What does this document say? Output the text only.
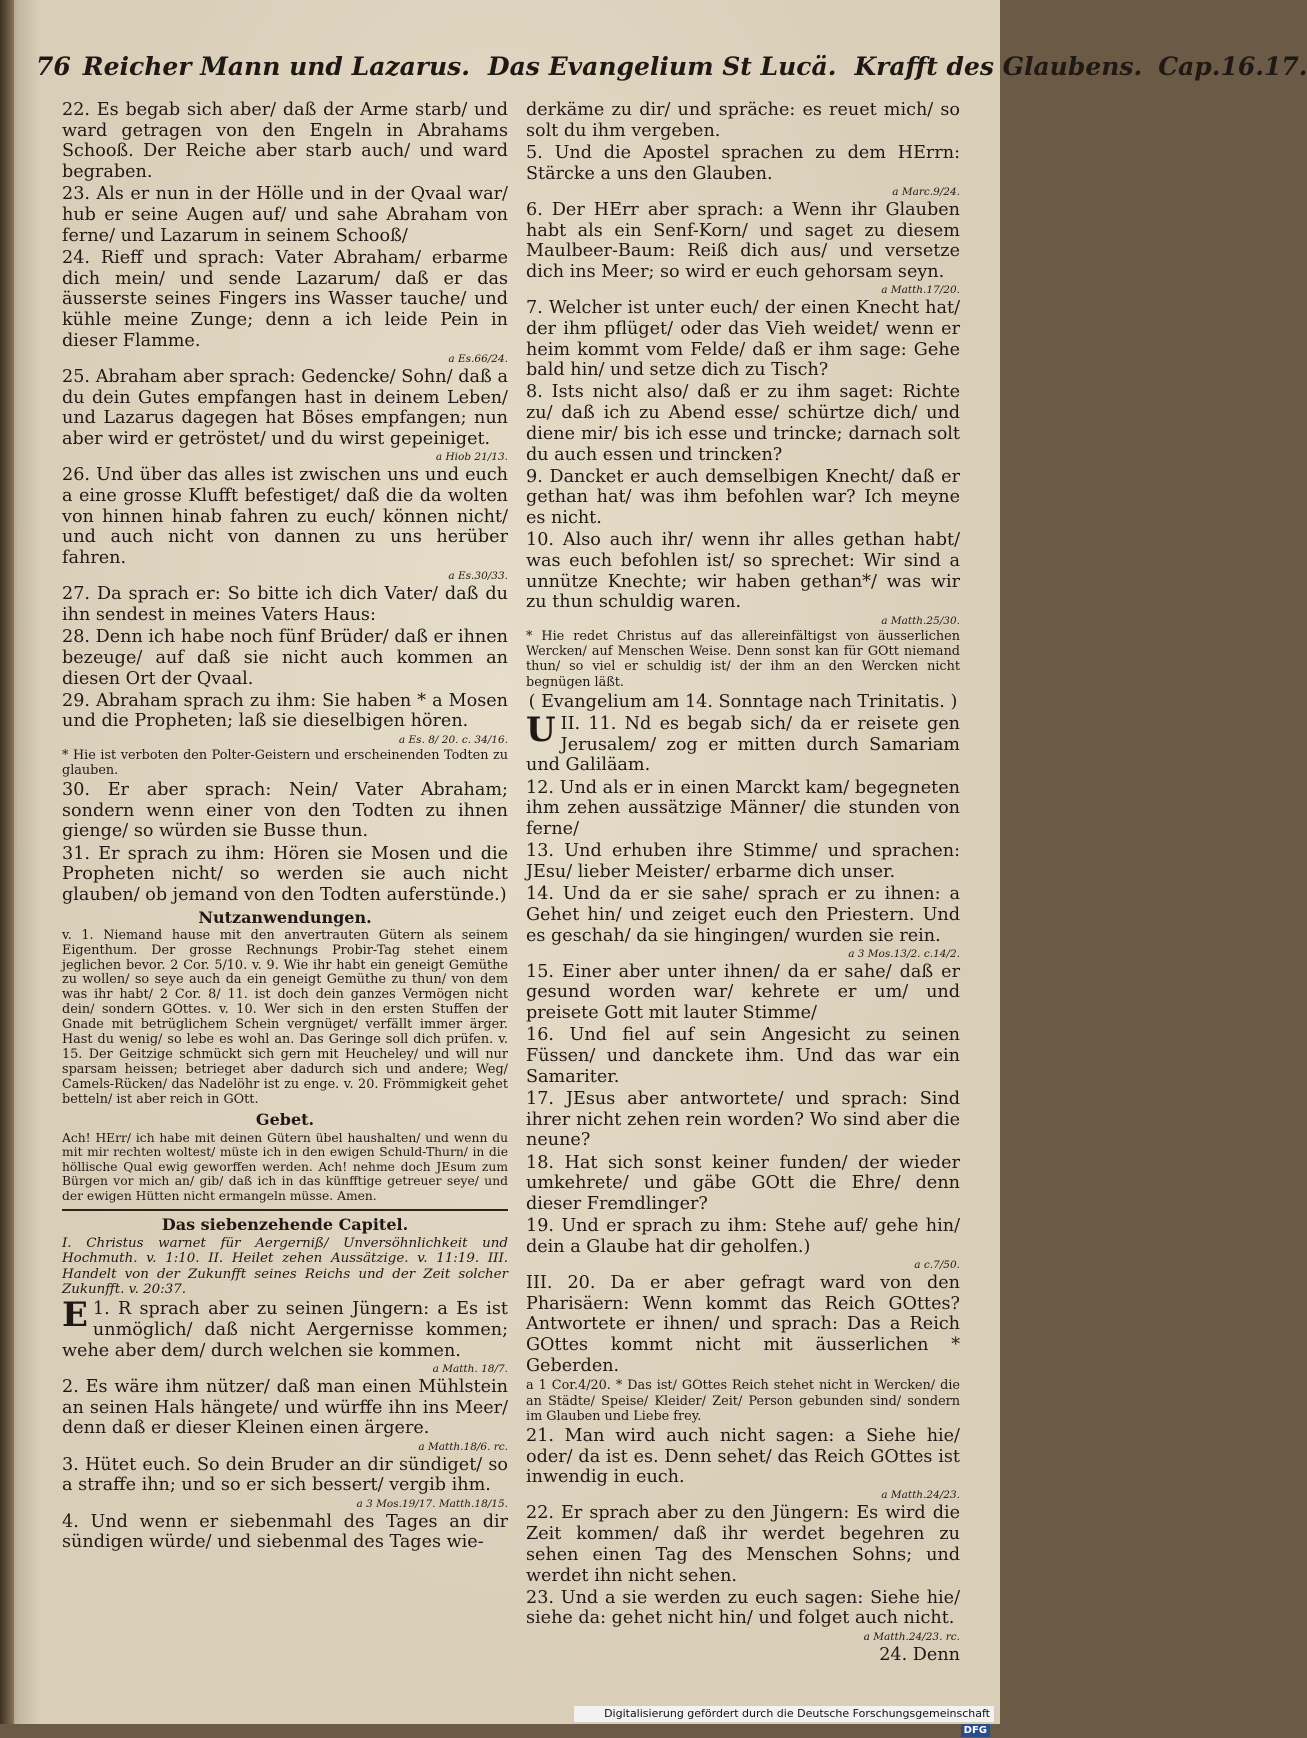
76 Reicher Mann und Lazarus. Das Evangelium St Lucä. Krafft des Glaubens. Cap.16.17.

22. Es begab sich aber/ daß der Arme starb/ und ward getragen von den Engeln in Abrahams Schooß. Der Reiche aber starb auch/ und ward begraben.

23. Als er nun in der Hölle und in der Qvaal war/ hub er seine Augen auf/ und sahe Abraham von ferne/ und Lazarum in seinem Schooß/

24. Rieff und sprach: Vater Abraham/ erbarme dich mein/ und sende Lazarum/ daß er das äusserste seines Fingers ins Wasser tauche/ und kühle meine Zunge; denn a ich leide Pein in dieser Flamme.

a Es.66/24.

25. Abraham aber sprach: Gedencke/ Sohn/ daß a du dein Gutes empfangen hast in deinem Leben/ und Lazarus dagegen hat Böses empfangen; nun aber wird er getröstet/ und du wirst gepeiniget.

a Hiob 21/13.

26. Und über das alles ist zwischen uns und euch a eine grosse Klufft befestiget/ daß die da wolten von hinnen hinab fahren zu euch/ können nicht/ und auch nicht von dannen zu uns herüber fahren.

a Es.30/33.

27. Da sprach er: So bitte ich dich Vater/ daß du ihn sendest in meines Vaters Haus:

28. Denn ich habe noch fünf Brüder/ daß er ihnen bezeuge/ auf daß sie nicht auch kommen an diesen Ort der Qvaal.

29. Abraham sprach zu ihm: Sie haben * a Mosen und die Propheten; laß sie dieselbigen hören.

a Es. 8/ 20. c. 34/16.

* Hie ist verboten den Polter-Geistern und erscheinenden Todten zu glauben.

30. Er aber sprach: Nein/ Vater Abraham; sondern wenn einer von den Todten zu ihnen gienge/ so würden sie Busse thun.

31. Er sprach zu ihm: Hören sie Mosen und die Propheten nicht/ so werden sie auch nicht glauben/ ob jemand von den Todten auferstünde.)

Nutzanwendungen.

v. 1. Niemand hause mit den anvertrauten Gütern als seinem Eigenthum. Der grosse Rechnungs Probir-Tag stehet einem jeglichen bevor. 2 Cor. 5/10. v. 9. Wie ihr habt ein geneigt Gemüthe zu wollen/ so seye auch da ein geneigt Gemüthe zu thun/ von dem was ihr habt/ 2 Cor. 8/ 11. ist doch dein ganzes Vermögen nicht dein/ sondern GOttes. v. 10. Wer sich in den ersten Stuffen der Gnade mit betrüglichem Schein vergnüget/ verfällt immer ärger. Hast du wenig/ so lebe es wohl an. Das Geringe soll dich prüfen. v. 15. Der Geitzige schmückt sich gern mit Heucheley/ und will nur sparsam heissen; betrieget aber dadurch sich und andere; Weg/ Camels-Rücken/ das Nadelöhr ist zu enge. v. 20. Frömmigkeit gehet betteln/ ist aber reich in GOtt.

Gebet.

Ach! HErr/ ich habe mit deinen Gütern übel haushalten/ und wenn du mit mir rechten woltest/ müste ich in den ewigen Schuld-Thurn/ in die höllische Qual ewig geworffen werden. Ach! nehme doch JEsum zum Bürgen vor mich an/ gib/ daß ich in das künfftige getreuer seye/ und der ewigen Hütten nicht ermangeln müsse. Amen.

Das siebenzehende Capitel.

I. Christus warnet für Aergerniß/ Unversöhnlichkeit und Hochmuth. v. 1:10. II. Heilet zehen Aussätzige. v. 11:19. III. Handelt von der Zukunfft seines Reichs und der Zeit solcher Zukunfft. v. 20:37.

1.
E R sprach aber zu seinen Jüngern: a Es ist unmöglich/ daß nicht Aergernisse kommen; wehe aber dem/ durch welchen sie kommen.

a Matth. 18/7.

2. Es wäre ihm nützer/ daß man einen Mühlstein an seinen Hals hängete/ und würffe ihn ins Meer/ denn daß er dieser Kleinen einen ärgere.

a Matth.18/6. rc.

3. Hütet euch. So dein Bruder an dir sündiget/ so a straffe ihn; und so er sich bessert/ vergib ihm.

a 3 Mos.19/17. Matth.18/15.

4. Und wenn er siebenmahl des Tages an dir sündigen würde/ und siebenmal des Tages wie-

derkäme zu dir/ und spräche: es reuet mich/ so solt du ihm vergeben.

5. Und die Apostel sprachen zu dem HErrn: Stärcke a uns den Glauben.

a Marc.9/24.

6. Der HErr aber sprach: a Wenn ihr Glauben habt als ein Senf-Korn/ und saget zu diesem Maulbeer-Baum: Reiß dich aus/ und versetze dich ins Meer; so wird er euch gehorsam seyn.

a Matth.17/20.

7. Welcher ist unter euch/ der einen Knecht hat/ der ihm pflüget/ oder das Vieh weidet/ wenn er heim kommt vom Felde/ daß er ihm sage: Gehe bald hin/ und setze dich zu Tisch?

8. Ists nicht also/ daß er zu ihm saget: Richte zu/ daß ich zu Abend esse/ schürtze dich/ und diene mir/ bis ich esse und trincke; darnach solt du auch essen und trincken?

9. Dancket er auch demselbigen Knecht/ daß er gethan hat/ was ihm befohlen war? Ich meyne es nicht.

10. Also auch ihr/ wenn ihr alles gethan habt/ was euch befohlen ist/ so sprechet: Wir sind a unnütze Knechte; wir haben gethan*/ was wir zu thun schuldig waren.

a Matth.25/30.

* Hie redet Christus auf das allereinfältigst von äusserlichen Wercken/ auf Menschen Weise. Denn sonst kan für GOtt niemand thun/ so viel er schuldig ist/ der ihm an den Wercken nicht begnügen läßt.

( Evangelium am 14. Sonntage nach Trinitatis. )

II. 11.
U	Nd es begab sich/ da er reisete gen Jerusalem/ zog er mitten durch Samariam und Galiläam.

12. Und als er in einen Marckt kam/ begegneten ihm zehen aussätzige Männer/ die stunden von ferne/

13. Und erhuben ihre Stimme/ und sprachen: JEsu/ lieber Meister/ erbarme dich unser.

14. Und da er sie sahe/ sprach er zu ihnen: a Gehet hin/ und zeiget euch den Priestern. Und es geschah/ da sie hingingen/ wurden sie rein.

a 3 Mos.13/2. c.14/2.

15. Einer aber unter ihnen/ da er sahe/ daß er gesund worden war/ kehrete er um/ und preisete Gott mit lauter Stimme/

16. Und fiel auf sein Angesicht zu seinen Füssen/ und danckete ihm. Und das war ein Samariter.

17. JEsus aber antwortete/ und sprach: Sind ihrer nicht zehen rein worden? Wo sind aber die neune?

18. Hat sich sonst keiner funden/ der wieder umkehrete/ und gäbe GOtt die Ehre/ denn dieser Fremdlinger?

19. Und er sprach zu ihm: Stehe auf/ gehe hin/ dein a Glaube hat dir geholfen.)

a c.7/50.

III. 20. Da er aber gefragt ward von den Pharisäern: Wenn kommt das Reich GOttes? Antwortete er ihnen/ und sprach: Das a Reich GOttes kommt nicht mit äusserlichen * Geberden.

a 1 Cor.4/20. * Das ist/ GOttes Reich stehet nicht in Wercken/ die an Städte/ Speise/ Kleider/ Zeit/ Person gebunden sind/ sondern im Glauben und Liebe frey.

21. Man wird auch nicht sagen: a Siehe hie/ oder/ da ist es. Denn sehet/ das Reich GOttes ist inwendig in euch.

a Matth.24/23.

22. Er sprach aber zu den Jüngern: Es wird die Zeit kommen/ daß ihr werdet begehren zu sehen einen Tag des Menschen Sohns; und werdet ihn nicht sehen.

23. Und a sie werden zu euch sagen: Siehe hie/ siehe da: gehet nicht hin/ und folget auch nicht.

a Matth.24/23. rc.

24. Denn

Digitalisierung gefördert durch die Deutsche ForschungsgemeinschaftDFG
